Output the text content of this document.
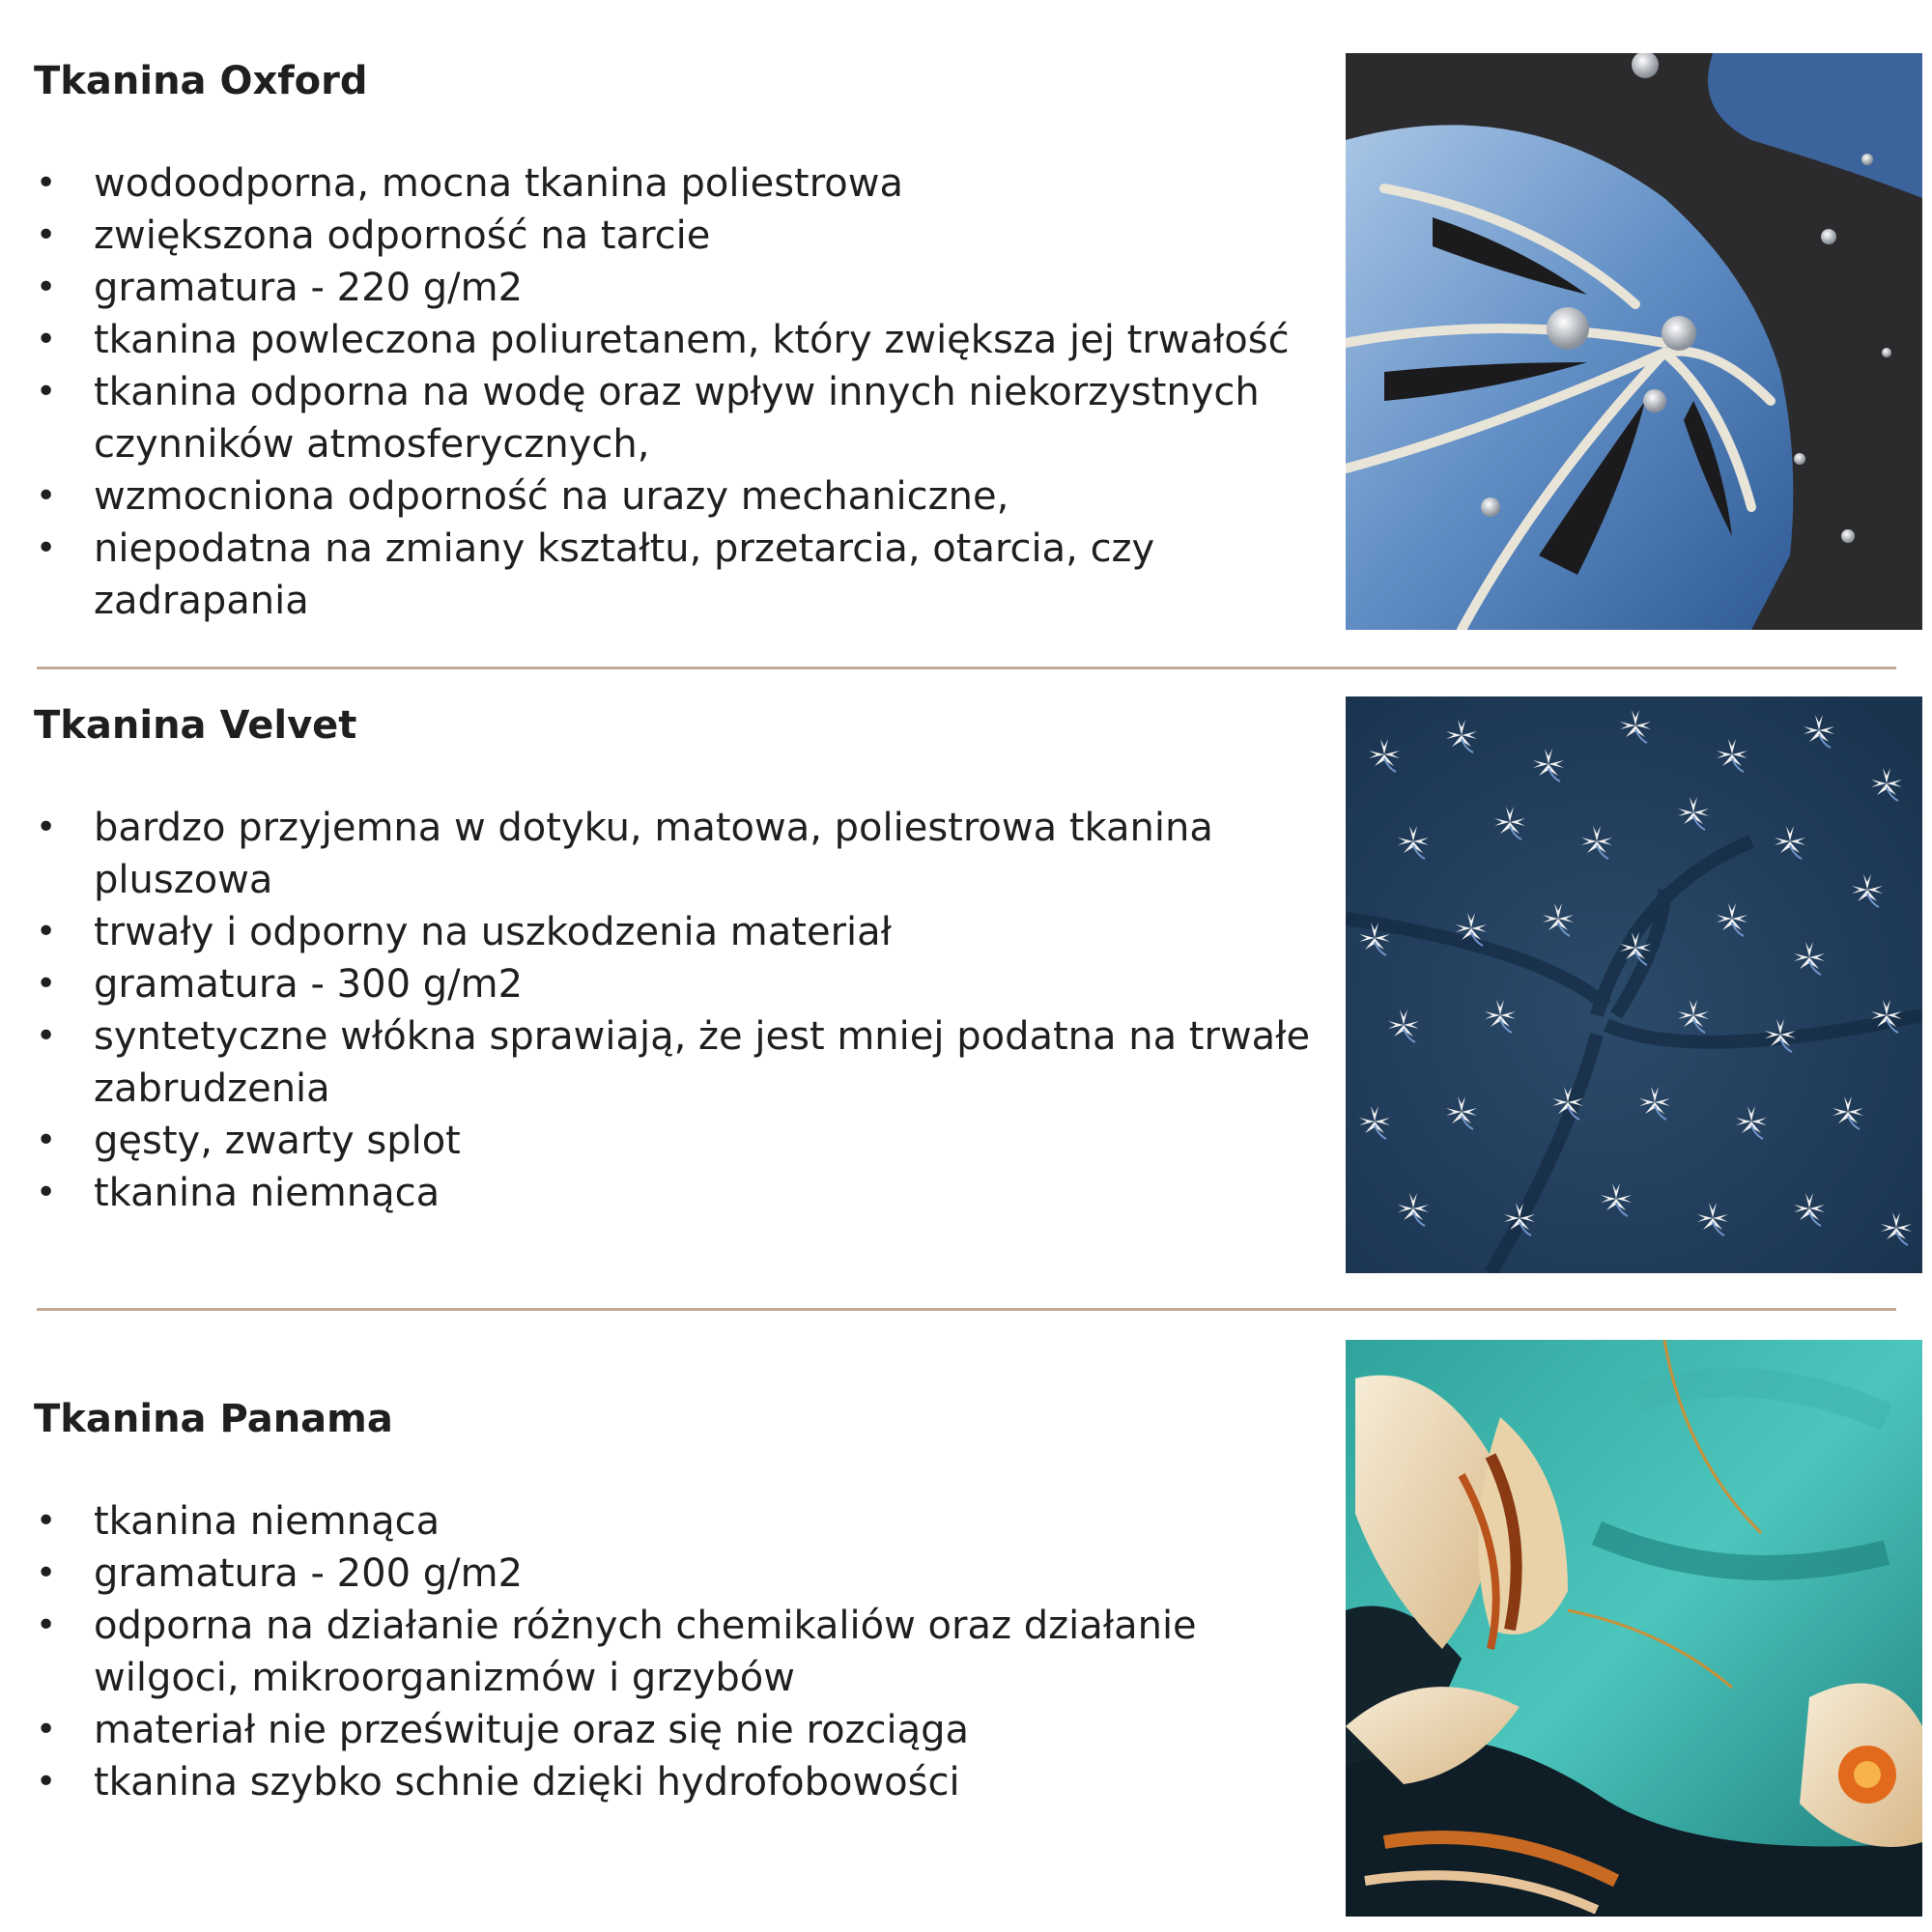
Tkanina Oxford
• wodoodporna, mocna tkanina poliestrowa
• zwiększona odporność na tarcie
• gramatura - 220 g/m2
• tkanina powleczona poliuretanem, który zwiększa jej trwałość
• tkanina odporna na wodę oraz wpływ innych niekorzystnych czynników atmosferycznych,
• wzmocniona odporność na urazy mechaniczne,
• niepodatna na zmiany kształtu, przetarcia, otarcia, czy zadrapania
Tkanina Velvet
• bardzo przyjemna w dotyku, matowa, poliestrowa tkanina pluszowa
• trwały i odporny na uszkodzenia materiał
• gramatura - 300 g/m2
• syntetyczne włókna sprawiają, że jest mniej podatna na trwałe zabrudzenia
• gęsty, zwarty splot
• tkanina niemnąca
Tkanina Panama
• tkanina niemnąca
• gramatura - 200 g/m2
• odporna na działanie różnych chemikaliów oraz działanie wilgoci, mikroorganizmów i grzybów
• materiał nie prześwituje oraz się nie rozciąga
• tkanina szybko schnie dzięki hydrofobowości
